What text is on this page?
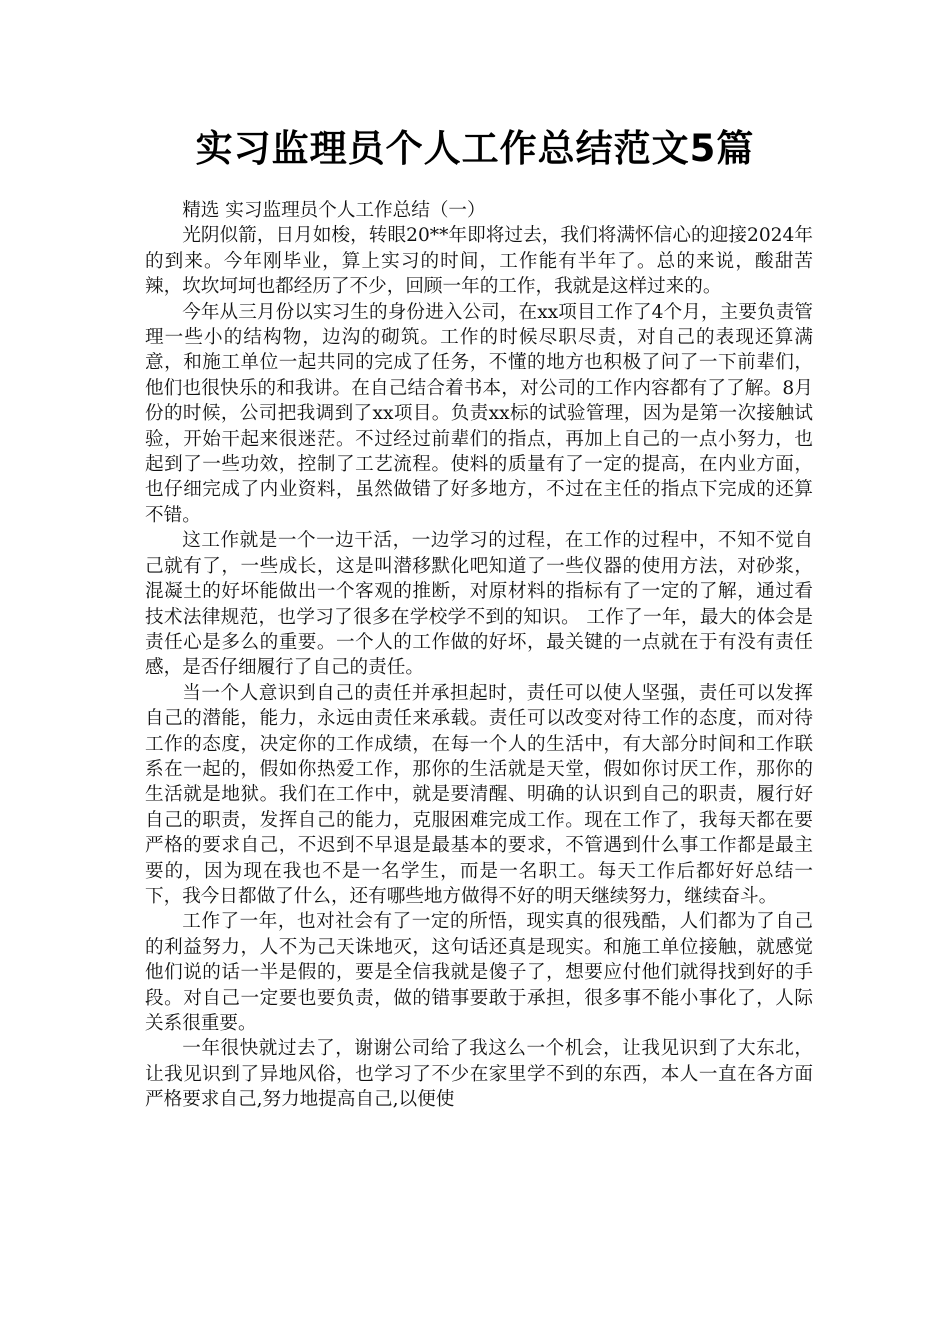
实习监理员个人工作总结范文5篇

精选 实习监理员个人工作总结（一）

光阴似箭，日月如梭，转眼20**年即将过去，我们将满怀信心的迎接2024年的到来。今年刚毕业，算上实习的时间，工作能有半年了。总的来说，酸甜苦辣，坎坎坷坷也都经历了不少，回顾一年的工作，我就是这样过来的。

今年从三月份以实习生的身份进入公司，在xx项目工作了4个月，主要负责管理一些小的结构物，边沟的砌筑。工作的时候尽职尽责，对自己的表现还算满意，和施工单位一起共同的完成了任务，不懂的地方也积极了问了一下前辈们，他们也很快乐的和我讲。在自己结合着书本，对公司的工作内容都有了了解。8月份的时候，公司把我调到了xx项目。负责xx标的试验管理，因为是第一次接触试验，开始干起来很迷茫。不过经过前辈们的指点，再加上自己的一点小努力，也起到了一些功效，控制了工艺流程。使料的质量有了一定的提高，在内业方面，也仔细完成了内业资料，虽然做错了好多地方，不过在主任的指点下完成的还算不错。

这工作就是一个一边干活，一边学习的过程，在工作的过程中，不知不觉自己就有了，一些成长，这是叫潜移默化吧知道了一些仪器的使用方法，对砂浆，混凝土的好坏能做出一个客观的推断，对原材料的指标有了一定的了解，通过看技术法律规范，也学习了很多在学校学不到的知识。 工作了一年，最大的体会是责任心是多么的重要。一个人的工作做的好坏，最关键的一点就在于有没有责任感，是否仔细履行了自己的责任。

当一个人意识到自己的责任并承担起时，责任可以使人坚强，责任可以发挥自己的潜能，能力，永远由责任来承载。责任可以改变对待工作的态度，而对待工作的态度，决定你的工作成绩，在每一个人的生活中，有大部分时间和工作联系在一起的，假如你热爱工作，那你的生活就是天堂，假如你讨厌工作，那你的生活就是地狱。我们在工作中，就是要清醒、明确的认识到自己的职责，履行好自己的职责，发挥自己的能力，克服困难完成工作。现在工作了，我每天都在要严格的要求自己，不迟到不早退是最基本的要求，不管遇到什么事工作都是最主要的，因为现在我也不是一名学生，而是一名职工。每天工作后都好好总结一下，我今日都做了什么，还有哪些地方做得不好的明天继续努力，继续奋斗。

工作了一年，也对社会有了一定的所悟，现实真的很残酷，人们都为了自己的利益努力，人不为己天诛地灭，这句话还真是现实。和施工单位接触，就感觉他们说的话一半是假的，要是全信我就是傻子了，想要应付他们就得找到好的手段。对自己一定要也要负责，做的错事要敢于承担，很多事不能小事化了，人际关系很重要。

一年很快就过去了，谢谢公司给了我这么一个机会，让我见识到了大东北，让我见识到了异地风俗，也学习了不少在家里学不到的东西，本人一直在各方面严格要求自己,努力地提高自己,以便使
